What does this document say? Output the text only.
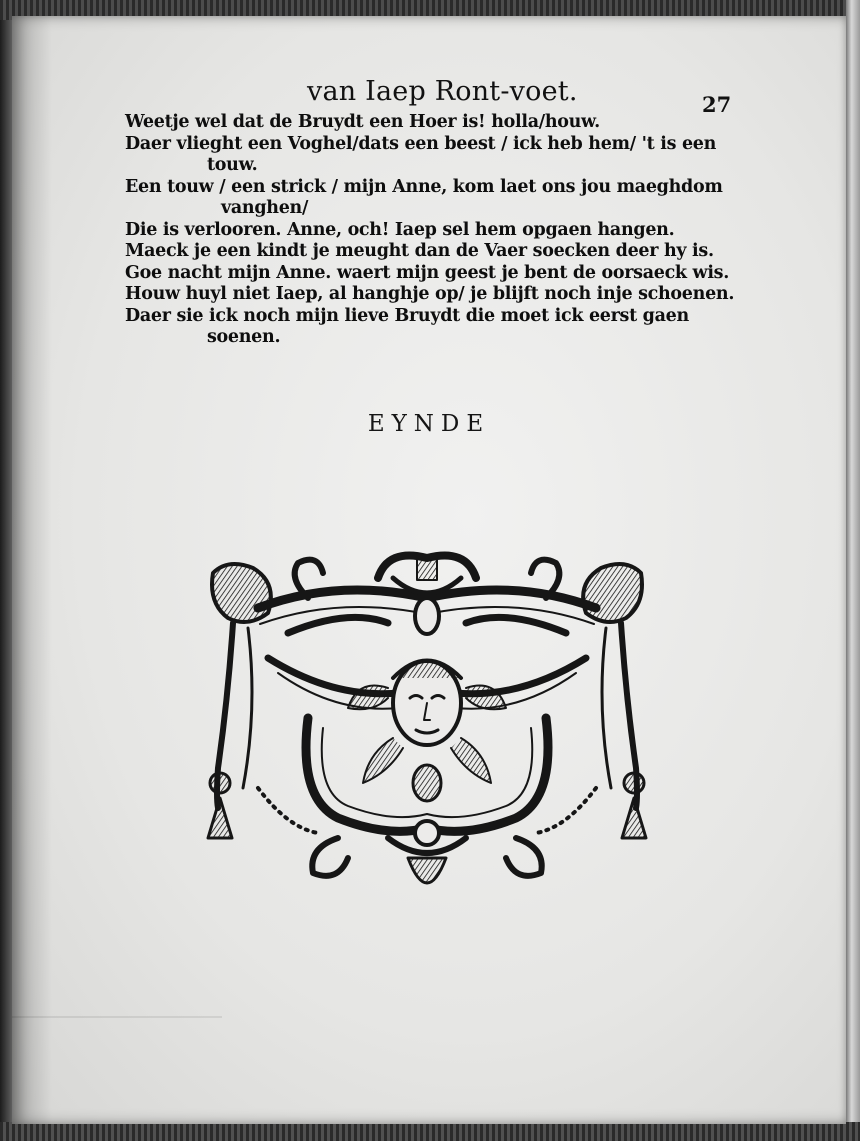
van Iaep Ront-voet.	27
Weetje wel dat de Bruydt een Hoer is! holla/houw.
Daer vlieght een Voghel/dats een beest / ick heb hem/ 't is een
touw.
Een touw / een strick / mijn Anne, kom laet ons jou maeghdom
vanghen/
Die is verlooren. Anne, och! Iaep sel hem opgaen hangen.
Maeck je een kindt je meught dan de Vaer soecken deer hy is.
Goe nacht mijn Anne. waert mijn geest je bent de oorsaeck wis.
Houw huyl niet Iaep, al hanghje op/ je blijft noch inje schoenen.
Daer sie ick noch mijn lieve Bruydt die moet ick eerst gaen
soenen.
EYNDE
